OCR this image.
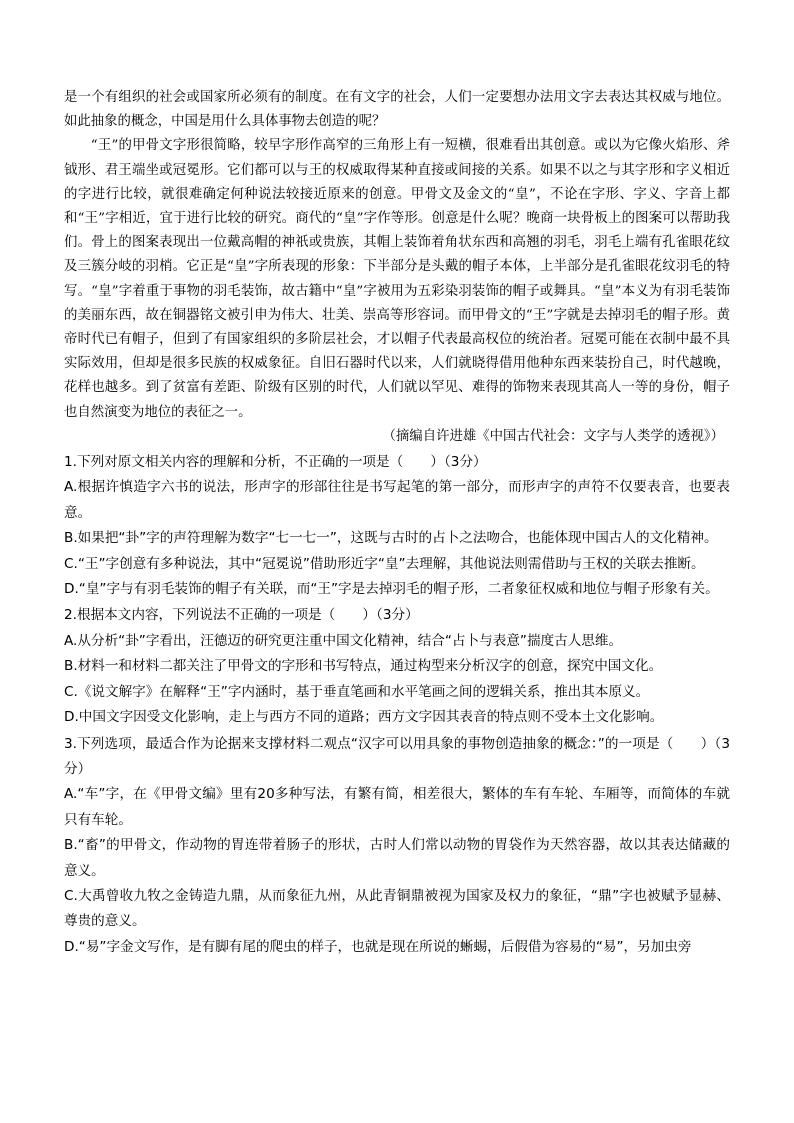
是一个有组织的社会或国家所必须有的制度。在有文字的社会，人们一定要想办法用文字去表达其权威与地位。如此抽象的概念，中国是用什么具体事物去创造的呢？

“王”的甲骨文字形很简略，较早字形作高窄的三角形上有一短横，很难看出其创意。或以为它像火焰形、斧钺形、君王端坐或冠冕形。它们都可以与王的权威取得某种直接或间接的关系。如果不以之与其字形和字义相近的字进行比较，就很难确定何种说法较接近原来的创意。甲骨文及金文的“皇”，不论在字形、字义、字音上都和“王”字相近，宜于进行比较的研究。商代的“皇”字作等形。创意是什么呢？晚商一块骨板上的图案可以帮助我们。骨上的图案表现出一位戴高帽的神祇或贵族，其帽上装饰着角状东西和高翘的羽毛，羽毛上端有孔雀眼花纹及三簇分岐的羽梢。它正是“皇”字所表现的形象：下半部分是头戴的帽子本体，上半部分是孔雀眼花纹羽毛的特写。“皇”字着重于事物的羽毛装饰，故古籍中“皇”字被用为五彩染羽装饰的帽子或舞具。“皇”本义为有羽毛装饰的美丽东西，故在铜器铭文被引申为伟大、壮美、崇高等形容词。而甲骨文的“王”字就是去掉羽毛的帽子形。黄帝时代已有帽子，但到了有国家组织的多阶层社会，才以帽子代表最高权位的统治者。冠冕可能在衣制中最不具实际效用，但却是很多民族的权威象征。自旧石器时代以来，人们就晓得借用他种东西来装扮自己，时代越晚，花样也越多。到了贫富有差距、阶级有区别的时代，人们就以罕见、难得的饰物来表现其高人一等的身份，帽子也自然演变为地位的表征之一。

（摘编自许进雄《中国古代社会：文字与人类学的透视》）

1.下列对原文相关内容的理解和分析，不正确的一项是（　　）（3分）

A.根据许慎造字六书的说法，形声字的形部往往是书写起笔的第一部分，而形声字的声符不仅要表音，也要表意。

B.如果把“卦”字的声符理解为数字“七一七一”，这既与古时的占卜之法吻合，也能体现中国古人的文化精神。

C.“王”字创意有多种说法，其中“冠冕说”借助形近字“皇”去理解，其他说法则需借助与王权的关联去推断。

D.“皇”字与有羽毛装饰的帽子有关联，而“王”字是去掉羽毛的帽子形，二者象征权威和地位与帽子形象有关。

2.根据本文内容，下列说法不正确的一项是（　　）（3分）

A.从分析“卦”字看出，汪德迈的研究更注重中国文化精神，结合“占卜与表意”揣度古人思维。

B.材料一和材料二都关注了甲骨文的字形和书写特点，通过构型来分析汉字的创意，探究中国文化。

C.《说文解字》在解释“王”字内涵时，基于垂直笔画和水平笔画之间的逻辑关系，推出其本原义。

D.中国文字因受文化影响，走上与西方不同的道路；西方文字因其表音的特点则不受本土文化影响。

3.下列选项，最适合作为论据来支撑材料二观点“汉字可以用具象的事物创造抽象的概念：”的一项是（　　）（3分）

A.“车”字，在《甲骨文编》里有20多种写法，有繁有简，相差很大，繁体的车有车轮、车厢等，而简体的车就只有车轮。

B.“畜”的甲骨文，作动物的胃连带着肠子的形状，古时人们常以动物的胃袋作为天然容器，故以其表达储藏的意义。

C.大禹曾收九牧之金铸造九鼎，从而象征九州，从此青铜鼎被视为国家及权力的象征，“鼎”字也被赋予显赫、尊贵的意义。

D.“易”字金文写作，是有脚有尾的爬虫的样子，也就是现在所说的蜥蜴，后假借为容易的“易”，另加虫旁
